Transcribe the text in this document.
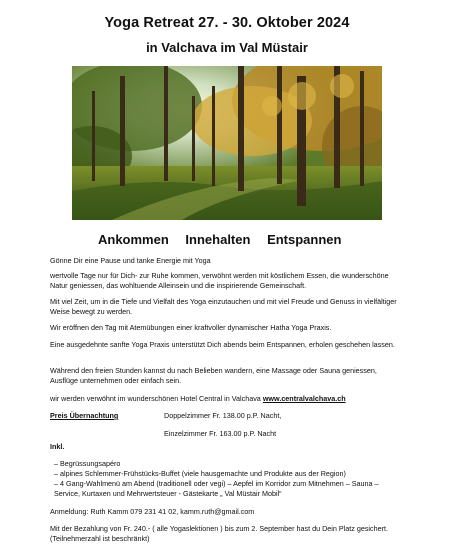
Yoga Retreat 27. - 30. Oktober 2024
in Valchava im Val Müstair
Ankommen Innehalten Entspannen

Gönne Dir eine Pause und tanke Energie mit Yoga

wertvolle Tage nur für Dich- zur Ruhe kommen, verwöhnt werden mit köstlichem Essen, die wunderschöne Natur geniessen, das wohltuende Alleinsein und die inspirierende Gemeinschaft.

Mit viel Zeit, um in die Tiefe und Vielfalt des Yoga einzutauchen und mit viel Freude und Genuss in vielfältiger Weise bewegt zu werden.

Wir eröffnen den Tag mit Atemübungen einer kraftvoller dynamischer Hatha Yoga Praxis.

Eine ausgedehnte sanfte Yoga Praxis unterstützt Dich abends beim Entspannen, erholen geschehen lassen.

Während den freien Stunden kannst du nach Belieben wandern, eine Massage oder Sauna geniessen, Ausflüge unternehmen oder einfach sein.

wir werden verwöhnt im wunderschönen Hotel Central in Valchava www.centralvalchava.ch
Preis Übernachtung	Doppelzimmer Fr. 138.00 p.P. Nacht,
Einzelzimmer Fr. 163.00 p.P. Nacht
Inkl.

– Begrüssungsapéro

– alpines Schlemmer-Frühstücks-Buffet (viele hausgemachte und Produkte aus der Region)

– 4 Gang-Wahlmenü am Abend (traditionell oder vegi) – Aepfel im Korridor zum Mitnehmen – Sauna – Service, Kurtaxen und Mehrwertsteuer - Gästekarte „ Val Müstair Mobil“

Anmeldung: Ruth Kamm 079 231 41 02, kamm.ruth@gmail.com

Mit der Bezahlung von Fr. 240.- ( alle Yogaslektionen ) bis zum 2. September hast du Dein Platz gesichert. (Teilnehmerzahl ist beschränkt)
